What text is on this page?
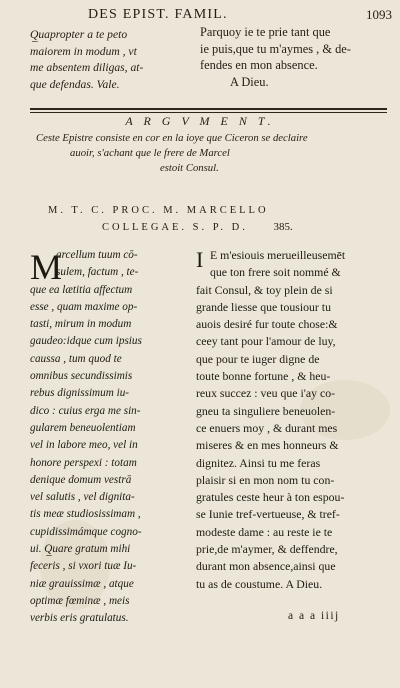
DES EPIST. FAMIL.	1093
Q̲uapropter a te peto
maiorem in modum , vt
me absentem diligas, at-
que defendas. Vale.
Parquoy ie te prie tant que
ie puis,que tu m'aymes , & de-
fendes en mon absence.
A Dieu.
A R G V M E N T.
Ceste Epistre consiste en cor en la ioye que Ciceron se declaire
auoir, s'achant que le frere de Marcel
estoit Consul.
M. T. C. PROC. M. MARCELLO
COLLEGAE. S. P. D. 385.
M
arcellum tuum cō-
sulem, factum , te-
que ea lætitia affectum
esse , quam maxime op-
tasti, mirum in modum
gaudeo:idque cum ipsius
caussa , tum quod te
omnibus secundissimis
rebus dignissimum iu-
dico : cuius erga me sin-
gularem beneuolentiam
vel in labore meo, vel in
honore perspexi : totam
denique domum vestrā
vel salutis , vel dignita-
tis meæ studiosissimam ,
cupidissimámque cogno-
ui. Q̲uare gratum mihi
feceris , si vxori tuæ Iu-
niæ grauissimæ , atque
optimæ fœminæ , meis
verbis eris gratulatus.
I E m'esiouis merueilleusemēt
que ton frere soit nommé &
fait Consul, & toy plein de si
grande liesse que tousiour tu
auois desiré fur toute chose:&
ceey tant pour l'amour de luy,
que pour te iuger digne de
toute bonne fortune , & heu-
reux succez : veu que i'ay co-
gneu ta singuliere beneuolen-
ce enuers moy , & durant mes
miseres & en mes honneurs &
dignitez. Ainsi tu me feras
plaisir si en mon nom tu con-
gratules ceste heur à ton espou-
se Iunie tref-vertueuse, & tref-
modeste dame : au reste ie te
prie,de m'aymer, & deffendre,
durant mon absence,ainsi que
tu as de coustume. A Dieu.
a a a iiij
